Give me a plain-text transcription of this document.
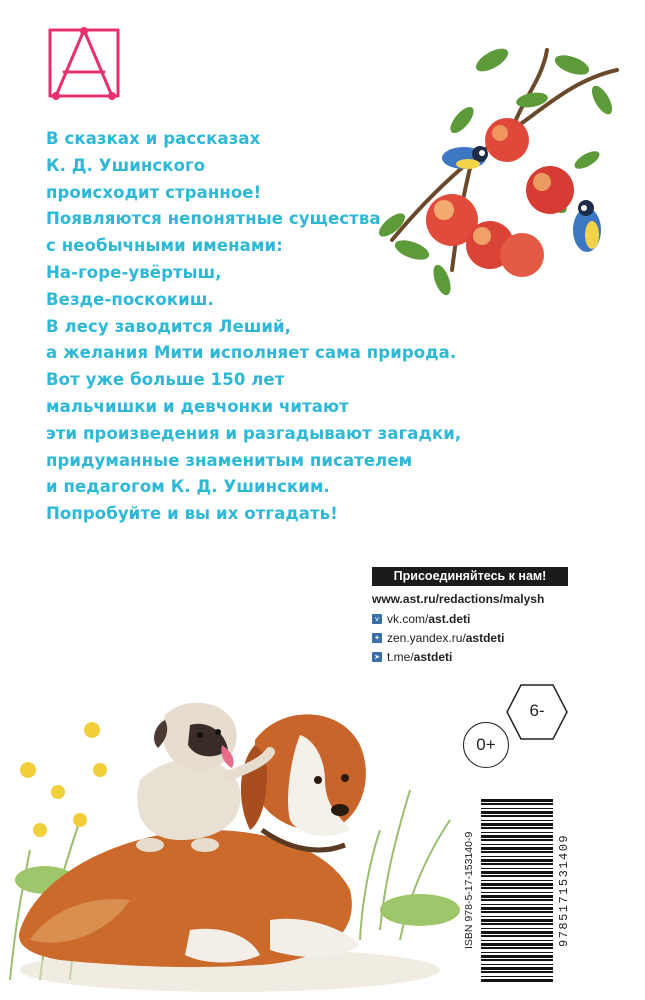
В сказках и рассказах
К. Д. Ушинского
происходит странное!
Появляются непонятные существа
с необычными именами:
На-горе-увёртыш,
Везде-поскокиш.
В лесу заводится Леший,
а желания Мити исполняет сама природа.
Вот уже больше 150 лет
мальчишки и девчонки читают
эти произведения и разгадывают загадки,
придуманные знаменитым писателем
и педагогом К. Д. Ушинским.
Попробуйте и вы их отгадать!
Присоединяйтесь к нам!
www.ast.ru/redactions/malysh
v vk.com/ ast.deti
✦ zen.yandex.ru/ astdeti
➤ t.me/ astdeti
6-
0+
ISBN 978-5-17-153140-9	9785171531409
